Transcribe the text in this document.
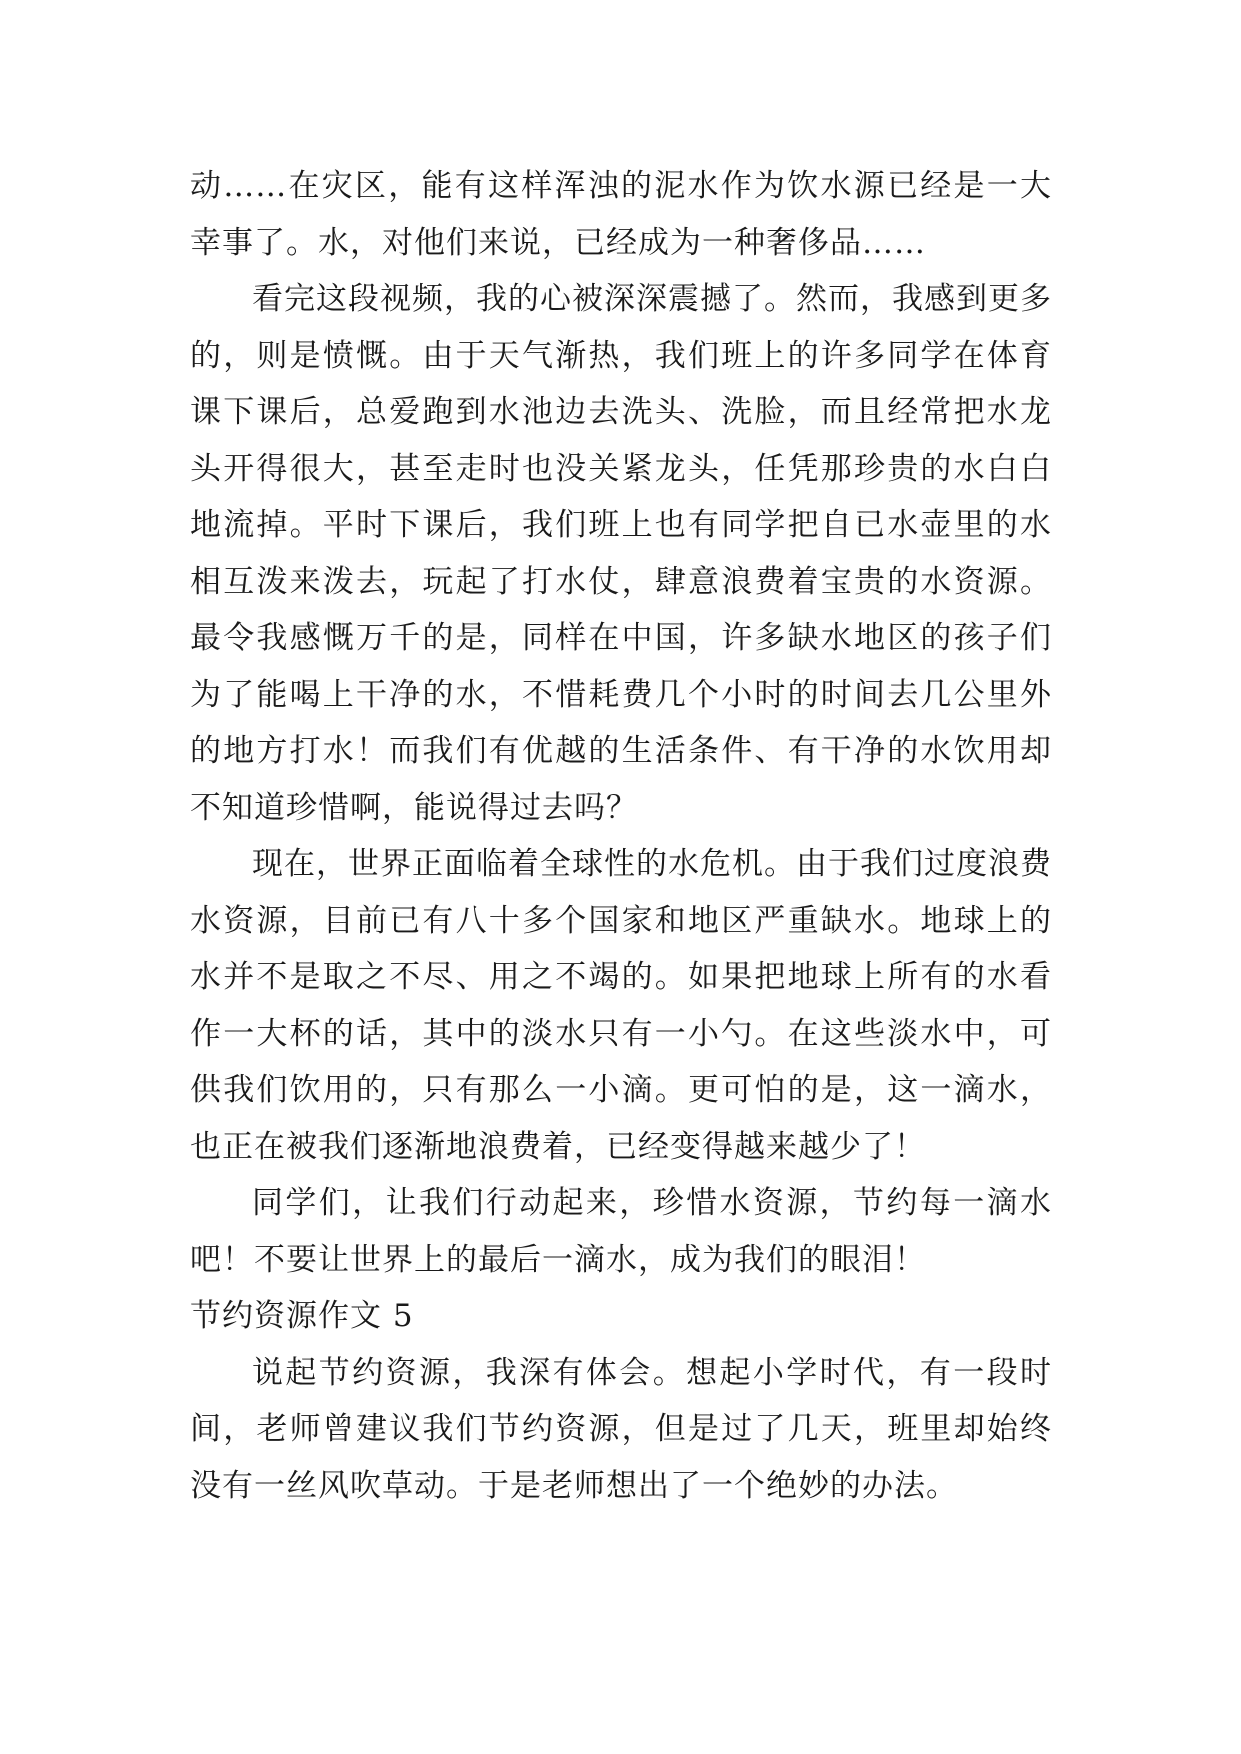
动……在灾区，能有这样浑浊的泥水作为饮水源已经是一大幸事了。水，对他们来说，已经成为一种奢侈品……

看完这段视频，我的心被深深震撼了。然而，我感到更多的，则是愤慨。由于天气渐热，我们班上的许多同学在体育课下课后，总爱跑到水池边去洗头、洗脸，而且经常把水龙头开得很大，甚至走时也没关紧龙头，任凭那珍贵的水白白地流掉。平时下课后，我们班上也有同学把自已水壶里的水相互泼来泼去，玩起了打水仗，肆意浪费着宝贵的水资源。最令我感慨万千的是，同样在中国，许多缺水地区的孩子们为了能喝上干净的水，不惜耗费几个小时的时间去几公里外的地方打水！而我们有优越的生活条件、有干净的水饮用却不知道珍惜啊，能说得过去吗？

现在，世界正面临着全球性的水危机。由于我们过度浪费水资源，目前已有八十多个国家和地区严重缺水。地球上的水并不是取之不尽、用之不竭的。如果把地球上所有的水看作一大杯的话，其中的淡水只有一小勺。在这些淡水中，可供我们饮用的，只有那么一小滴。更可怕的是，这一滴水，也正在被我们逐渐地浪费着，已经变得越来越少了！

同学们，让我们行动起来，珍惜水资源，节约每一滴水吧！不要让世界上的最后一滴水，成为我们的眼泪！

节约资源作文 5

说起节约资源，我深有体会。想起小学时代，有一段时间，老师曾建议我们节约资源，但是过了几天，班里却始终没有一丝风吹草动。于是老师想出了一个绝妙的办法。
